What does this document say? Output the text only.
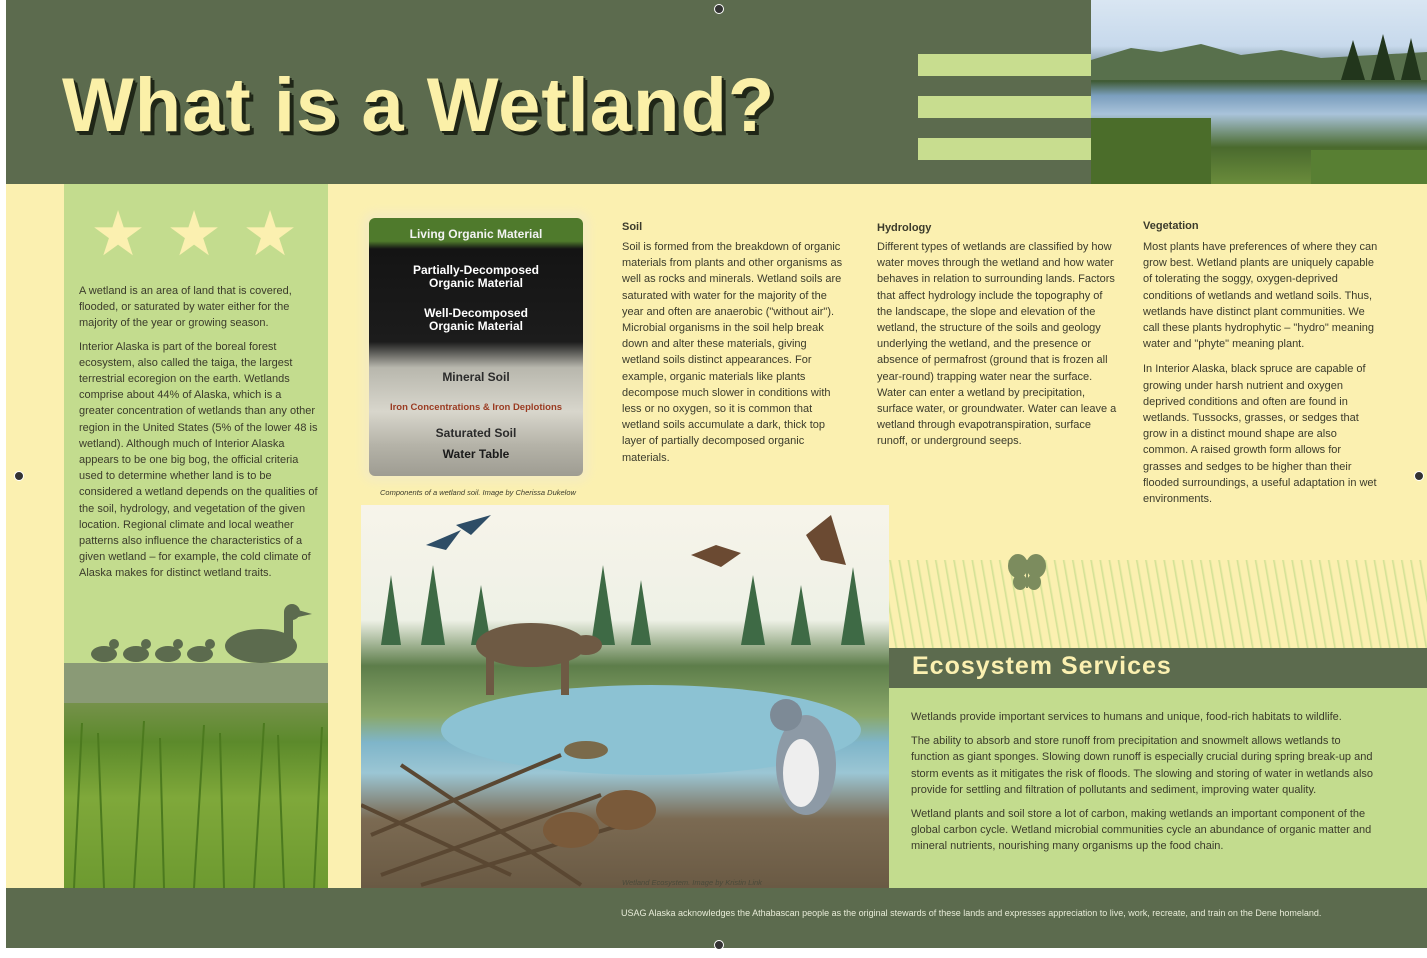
What is a Wetland?
★ ★ ★

A wetland is an area of land that is covered, flooded, or saturated by water either for the majority of the year or growing season.

Interior Alaska is part of the boreal forest ecosystem, also called the taiga, the largest terrestrial ecoregion on the earth. Wetlands comprise about 44% of Alaska, which is a greater concentration of wetlands than any other region in the United States (5% of the lower 48 is wetland). Although much of Interior Alaska appears to be one big bog, the official criteria used to determine whether land is to be considered a wetland depends on the qualities of the soil, hydrology, and vegetation of the given location. Regional climate and local weather patterns also influence the characteristics of a given wetland – for example, the cold climate of Alaska makes for distinct wetland traits.

Living Organic Material
Partially-Decomposed Organic Material
Well-Decomposed Organic Material
Mineral Soil
Iron Concentrations & Iron Deplotions
Saturated Soil
Water Table
Components of a wetland soil. Image by Cherissa Dukelow
Soil
Soil is formed from the breakdown of organic materials from plants and other organisms as well as rocks and minerals. Wetland soils are saturated with water for the majority of the year and often are anaerobic ("without air"). Microbial organisms in the soil help break down and alter these materials, giving wetland soils distinct appearances. For example, organic materials like plants decompose much slower in conditions with less or no oxygen, so it is common that wetland soils accumulate a dark, thick top layer of partially decomposed organic materials.
Hydrology
Different types of wetlands are classified by how water moves through the wetland and how water behaves in relation to surrounding lands. Factors that affect hydrology include the topography of the landscape, the slope and elevation of the wetland, the structure of the soils and geology underlying the wetland, and the presence or absence of permafrost (ground that is frozen all year-round) trapping water near the surface. Water can enter a wetland by precipitation, surface water, or groundwater. Water can leave a wetland through evapotranspiration, surface runoff, or underground seeps.
Vegetation

Most plants have preferences of where they can grow best. Wetland plants are uniquely capable of tolerating the soggy, oxygen-deprived conditions of wetlands and wetland soils. Thus, wetlands have distinct plant communities. We call these plants hydrophytic – "hydro" meaning water and "phyte" meaning plant.

In Interior Alaska, black spruce are capable of growing under harsh nutrient and oxygen deprived conditions and often are found in wetlands. Tussocks, grasses, or sedges that grow in a distinct mound shape are also common. A raised growth form allows for grasses and sedges to be higher than their flooded surroundings, a useful adaptation in wet environments.

Wetland Ecosystem. Image by Kristin Link
Ecosystem Services

Wetlands provide important services to humans and unique, food-rich habitats to wildlife.

The ability to absorb and store runoff from precipitation and snowmelt allows wetlands to function as giant sponges. Slowing down runoff is especially crucial during spring break-up and storm events as it mitigates the risk of floods. The slowing and storing of water in wetlands also provide for settling and filtration of pollutants and sediment, improving water quality.

Wetland plants and soil store a lot of carbon, making wetlands an important component of the global carbon cycle. Wetland microbial communities cycle an abundance of organic matter and mineral nutrients, nourishing many organisms up the food chain.

USAG Alaska acknowledges the Athabascan people as the original stewards of these lands and expresses appreciation to live, work, recreate, and train on the Dene homeland.
